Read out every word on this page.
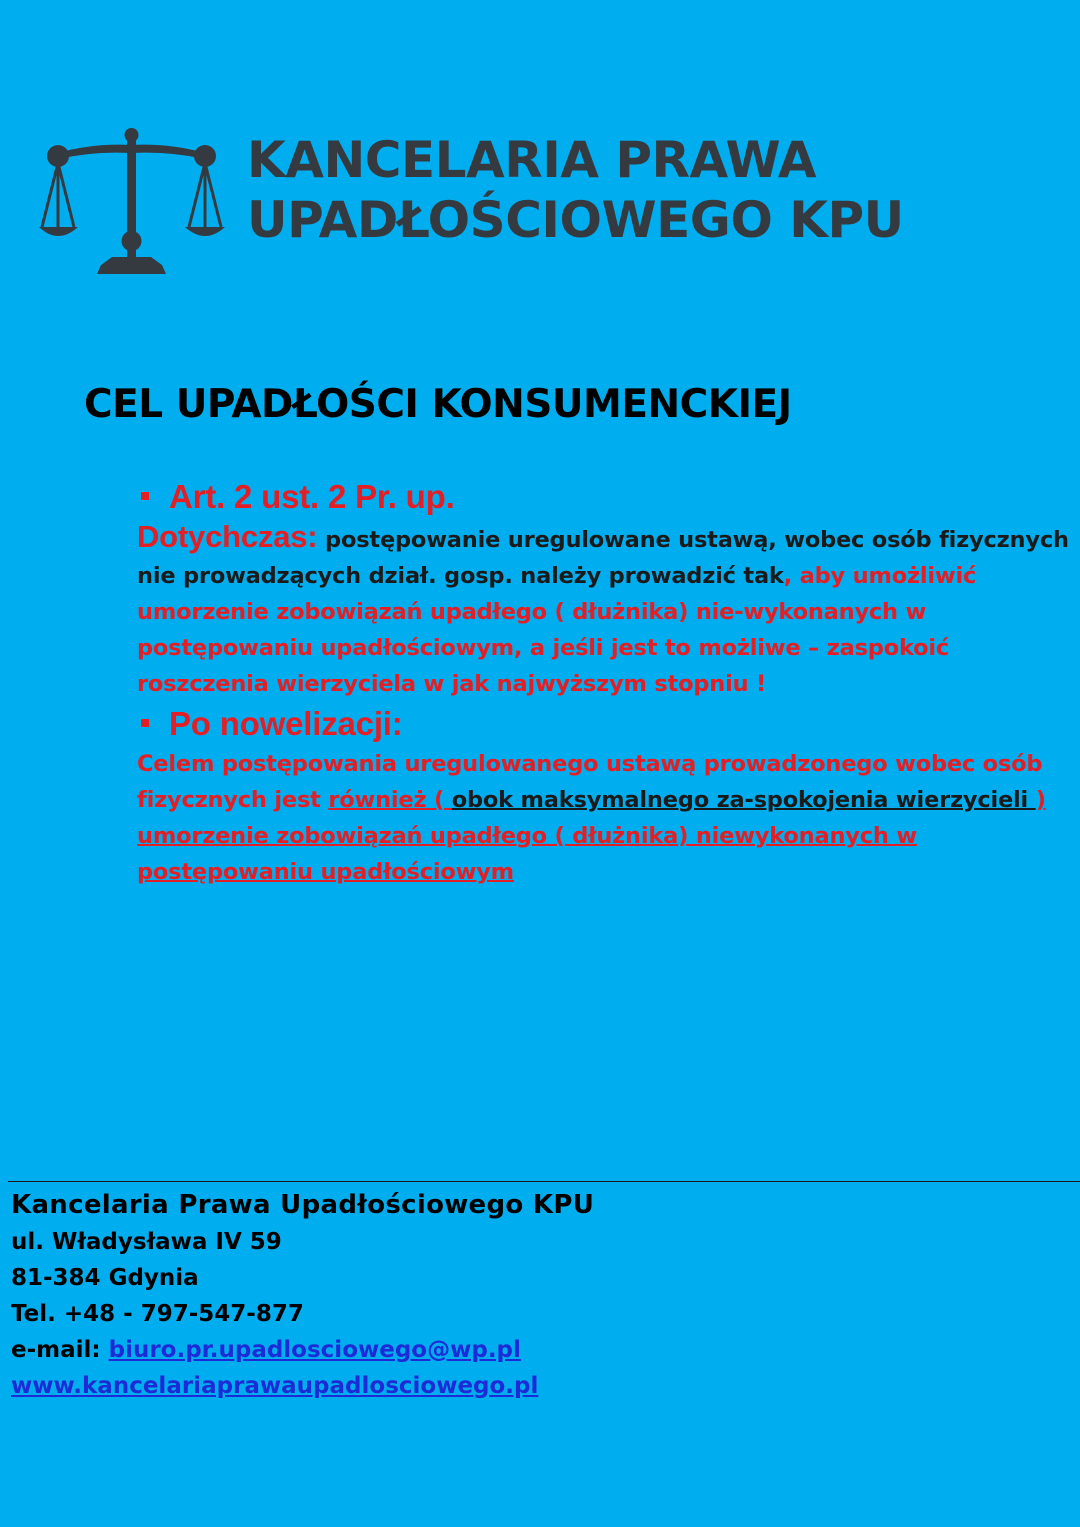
KANCELARIA PRAWA
UPADŁOŚCIOWEGO KPU
CEL UPADŁOŚCI KONSUMENCKIEJ
Art. 2 ust. 2 Pr. up.

Dotychczas: postępowanie uregulowane ustawą, wobec osób fizycznych nie prowadzących dział. gosp. należy prowadzić tak, aby umożliwić umorzenie zobowiązań upadłego ( dłużnika) nie-wykonanych w postępowaniu upadłościowym, a jeśli jest to możliwe – zaspokoić roszczenia wierzyciela w jak najwyższym stopniu !

Po nowelizacji:

Celem postępowania uregulowanego ustawą prowadzonego wobec osób fizycznych jest również ( obok maksymalnego za-spokojenia wierzycieli ) umorzenie zobowiązań upadłego ( dłużnika) niewykonanych w postępowaniu upadłościowym

Kancelaria Prawa Upadłościowego KPU
ul. Władysława IV 59
81-384 Gdynia
Tel. +48 - 797-547-877
e-mail: biuro.pr.upadlosciowego@wp.pl
www.kancelariaprawaupadlosciowego.pl
